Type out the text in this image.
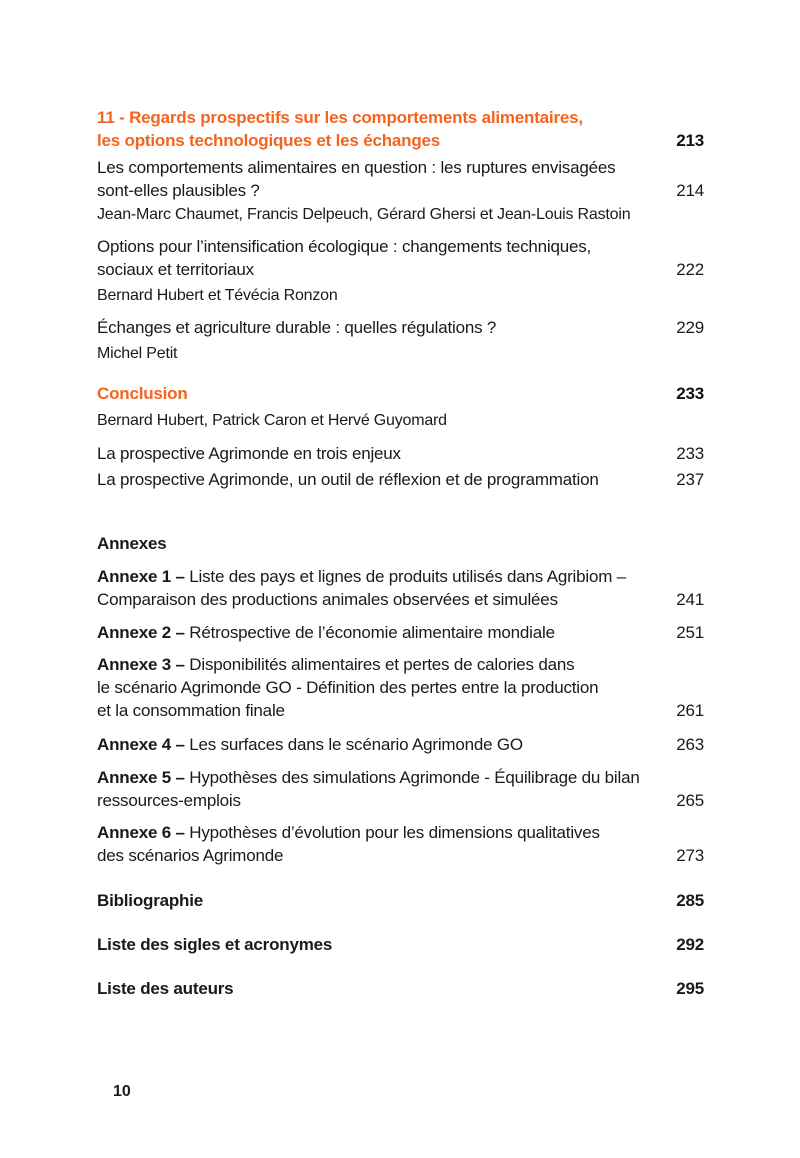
11 - Regards prospectifs sur les comportements alimentaires,
les options technologiques et les échanges	213
Les comportements alimentaires en question : les ruptures envisagées
sont-elles plausibles ?	214
Jean-Marc Chaumet, Francis Delpeuch, Gérard Ghersi et Jean-Louis Rastoin
Options pour l’intensification écologique : changements techniques,
sociaux et territoriaux	222
Bernard Hubert et Tévécia Ronzon
Échanges et agriculture durable : quelles régulations ?	229
Michel Petit
Conclusion	233
Bernard Hubert, Patrick Caron et Hervé Guyomard
La prospective Agrimonde en trois enjeux	233
La prospective Agrimonde, un outil de réflexion et de programmation	237
Annexes
Annexe 1 – Liste des pays et lignes de produits utilisés dans Agribiom –
Comparaison des productions animales observées et simulées	241
Annexe 2 – Rétrospective de l’économie alimentaire mondiale	251
Annexe 3 – Disponibilités alimentaires et pertes de calories dans
le scénario Agrimonde GO - Définition des pertes entre la production
et la consommation finale	261
Annexe 4 – Les surfaces dans le scénario Agrimonde GO	263
Annexe 5 – Hypothèses des simulations Agrimonde - Équilibrage du bilan
ressources-emplois	265
Annexe 6 – Hypothèses d’évolution pour les dimensions qualitatives
des scénarios Agrimonde	273
Bibliographie	285
Liste des sigles et acronymes	292
Liste des auteurs	295
10
